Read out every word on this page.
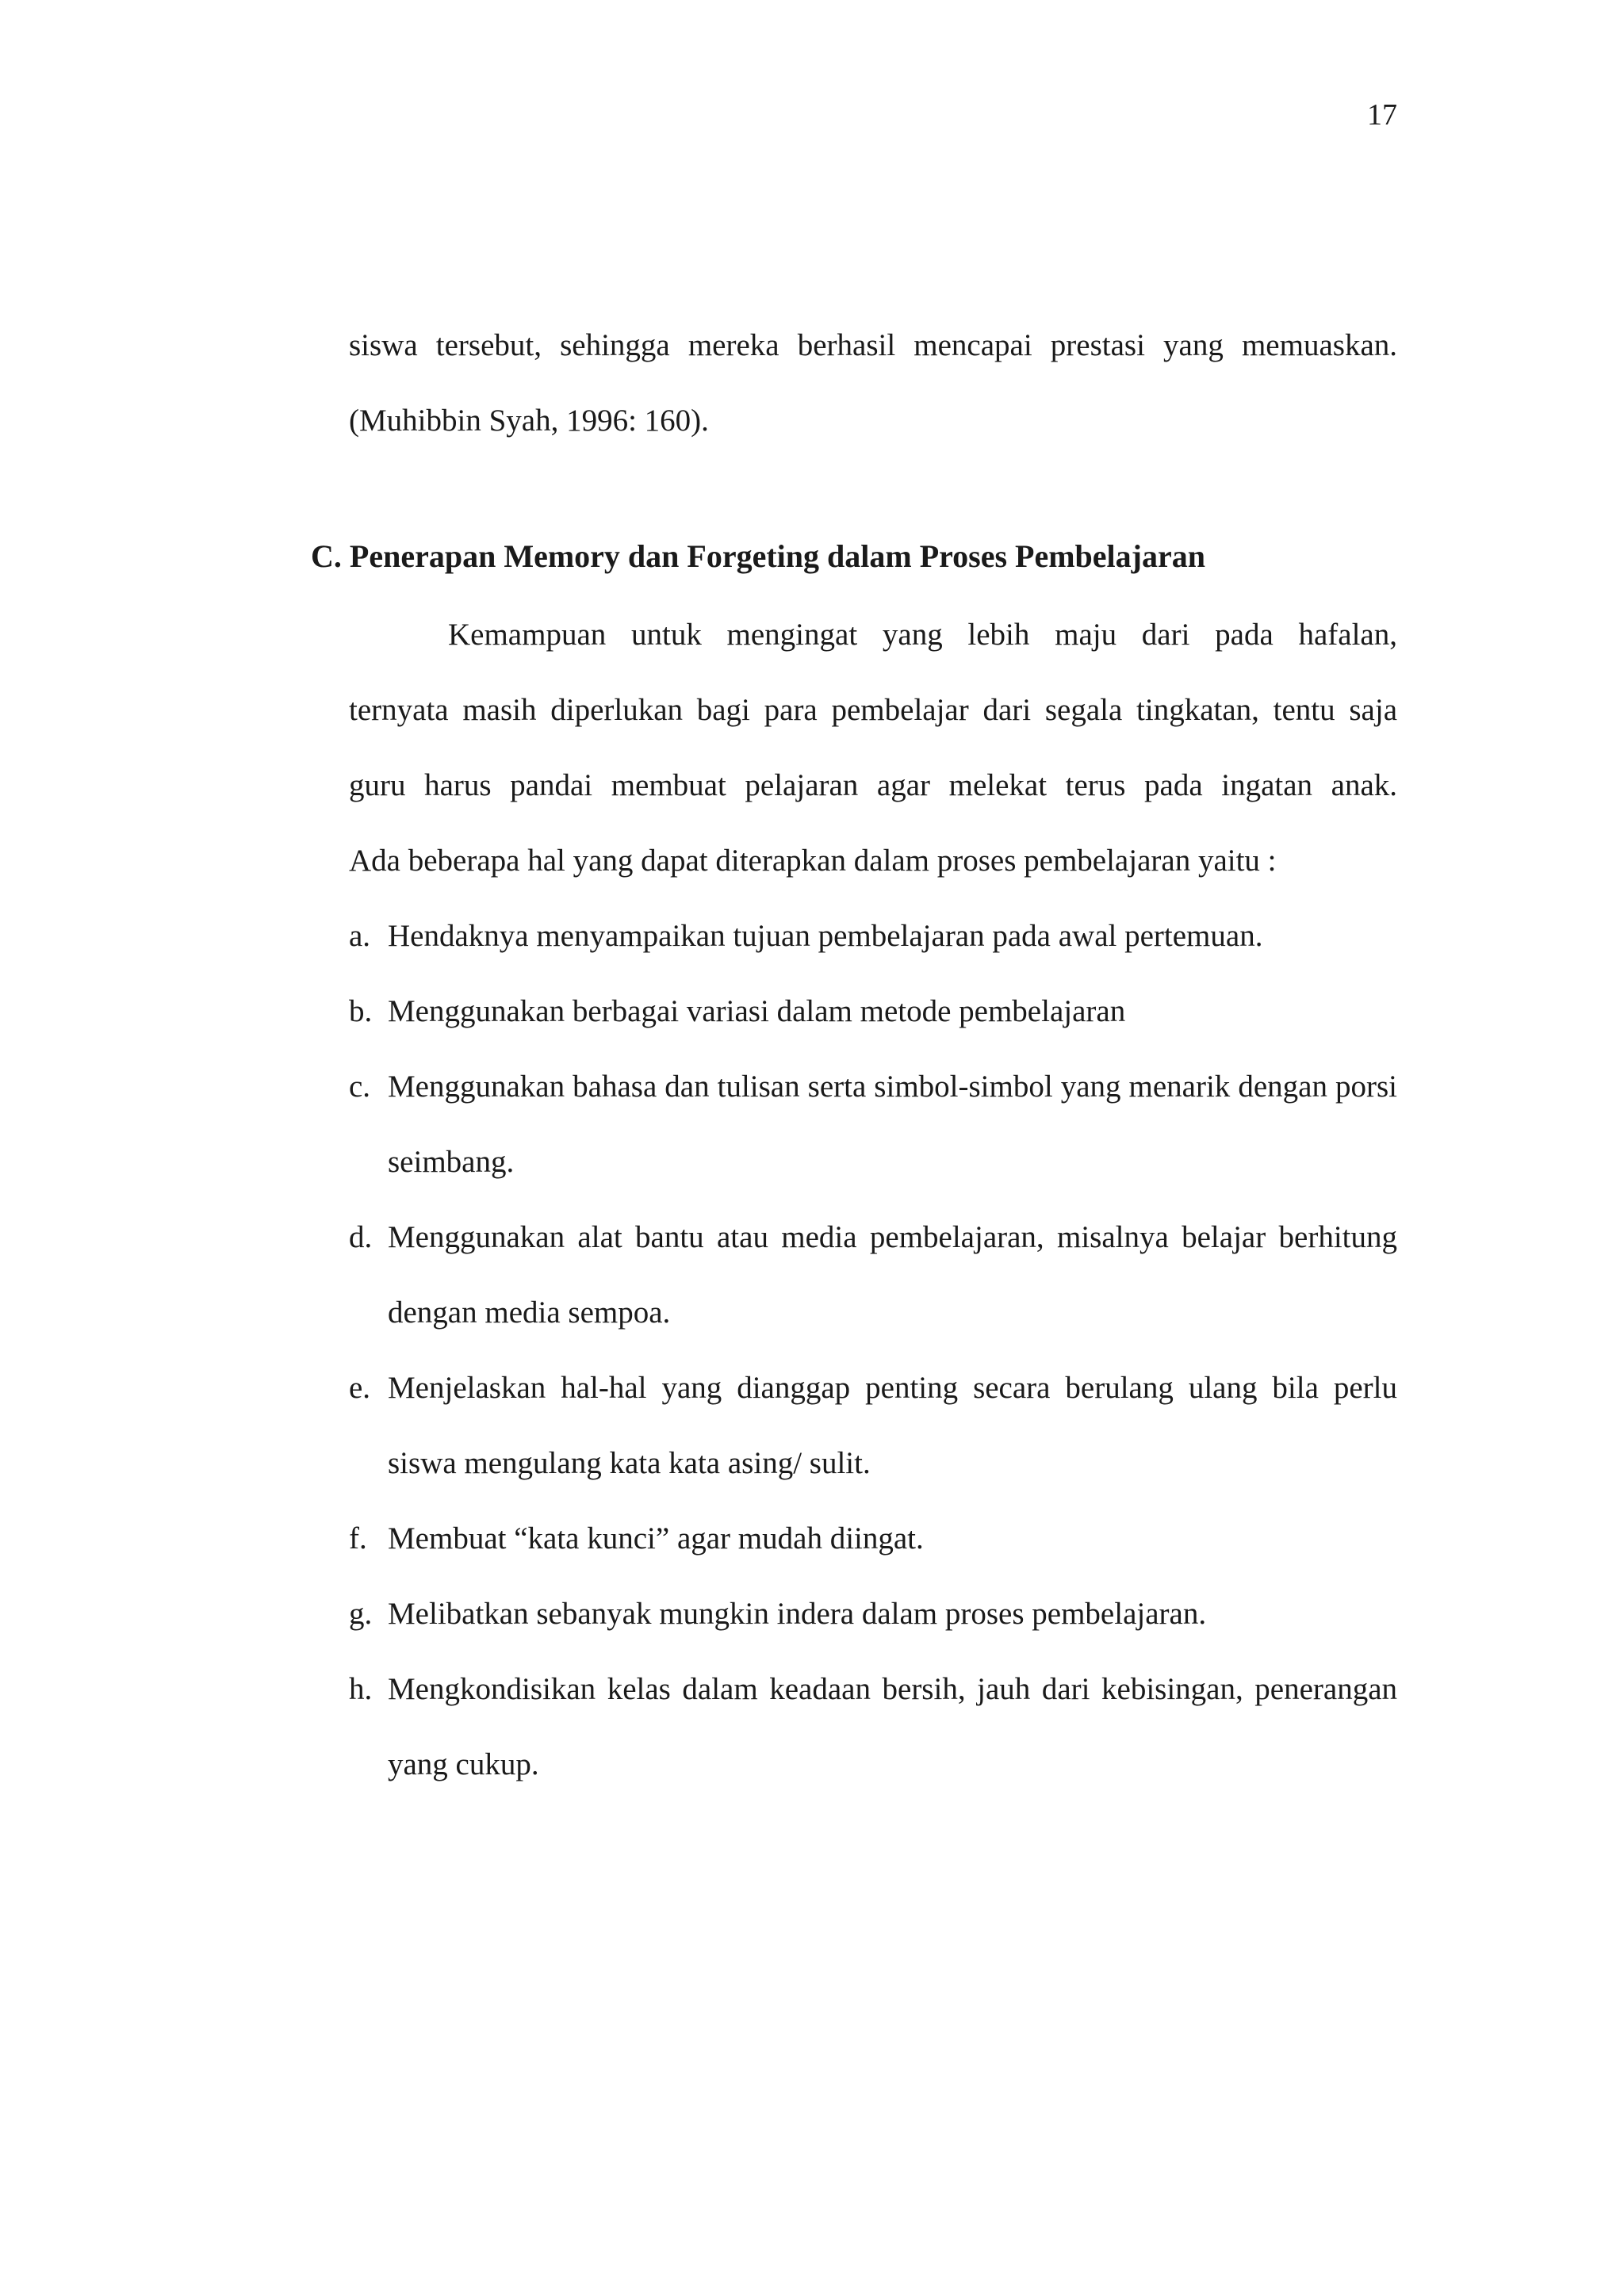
17

siswa tersebut, sehingga mereka berhasil mencapai prestasi yang memuaskan.

(Muhibbin Syah, 1996: 160).

C. Penerapan Memory dan Forgeting dalam Proses Pembelajaran

Kemampuan untuk mengingat yang lebih maju dari pada hafalan,

ternyata masih diperlukan bagi para pembelajar dari segala tingkatan, tentu saja

guru harus pandai membuat pelajaran agar melekat terus pada ingatan anak.

Ada beberapa hal yang dapat diterapkan dalam proses pembelajaran yaitu :

a. Hendaknya menyampaikan tujuan pembelajaran pada awal pertemuan.
b. Menggunakan berbagai variasi dalam metode pembelajaran
c. Menggunakan bahasa dan tulisan serta simbol-simbol yang menarik dengan porsi seimbang.
d. Menggunakan alat bantu atau media pembelajaran, misalnya belajar berhitung dengan media sempoa.
e. Menjelaskan hal-hal yang dianggap penting secara berulang ulang bila perlu siswa mengulang kata kata asing/ sulit.
f. Membuat “kata kunci” agar mudah diingat.
g. Melibatkan sebanyak mungkin indera dalam proses pembelajaran.
h. Mengkondisikan kelas dalam keadaan bersih, jauh dari kebisingan, penerangan yang cukup.
